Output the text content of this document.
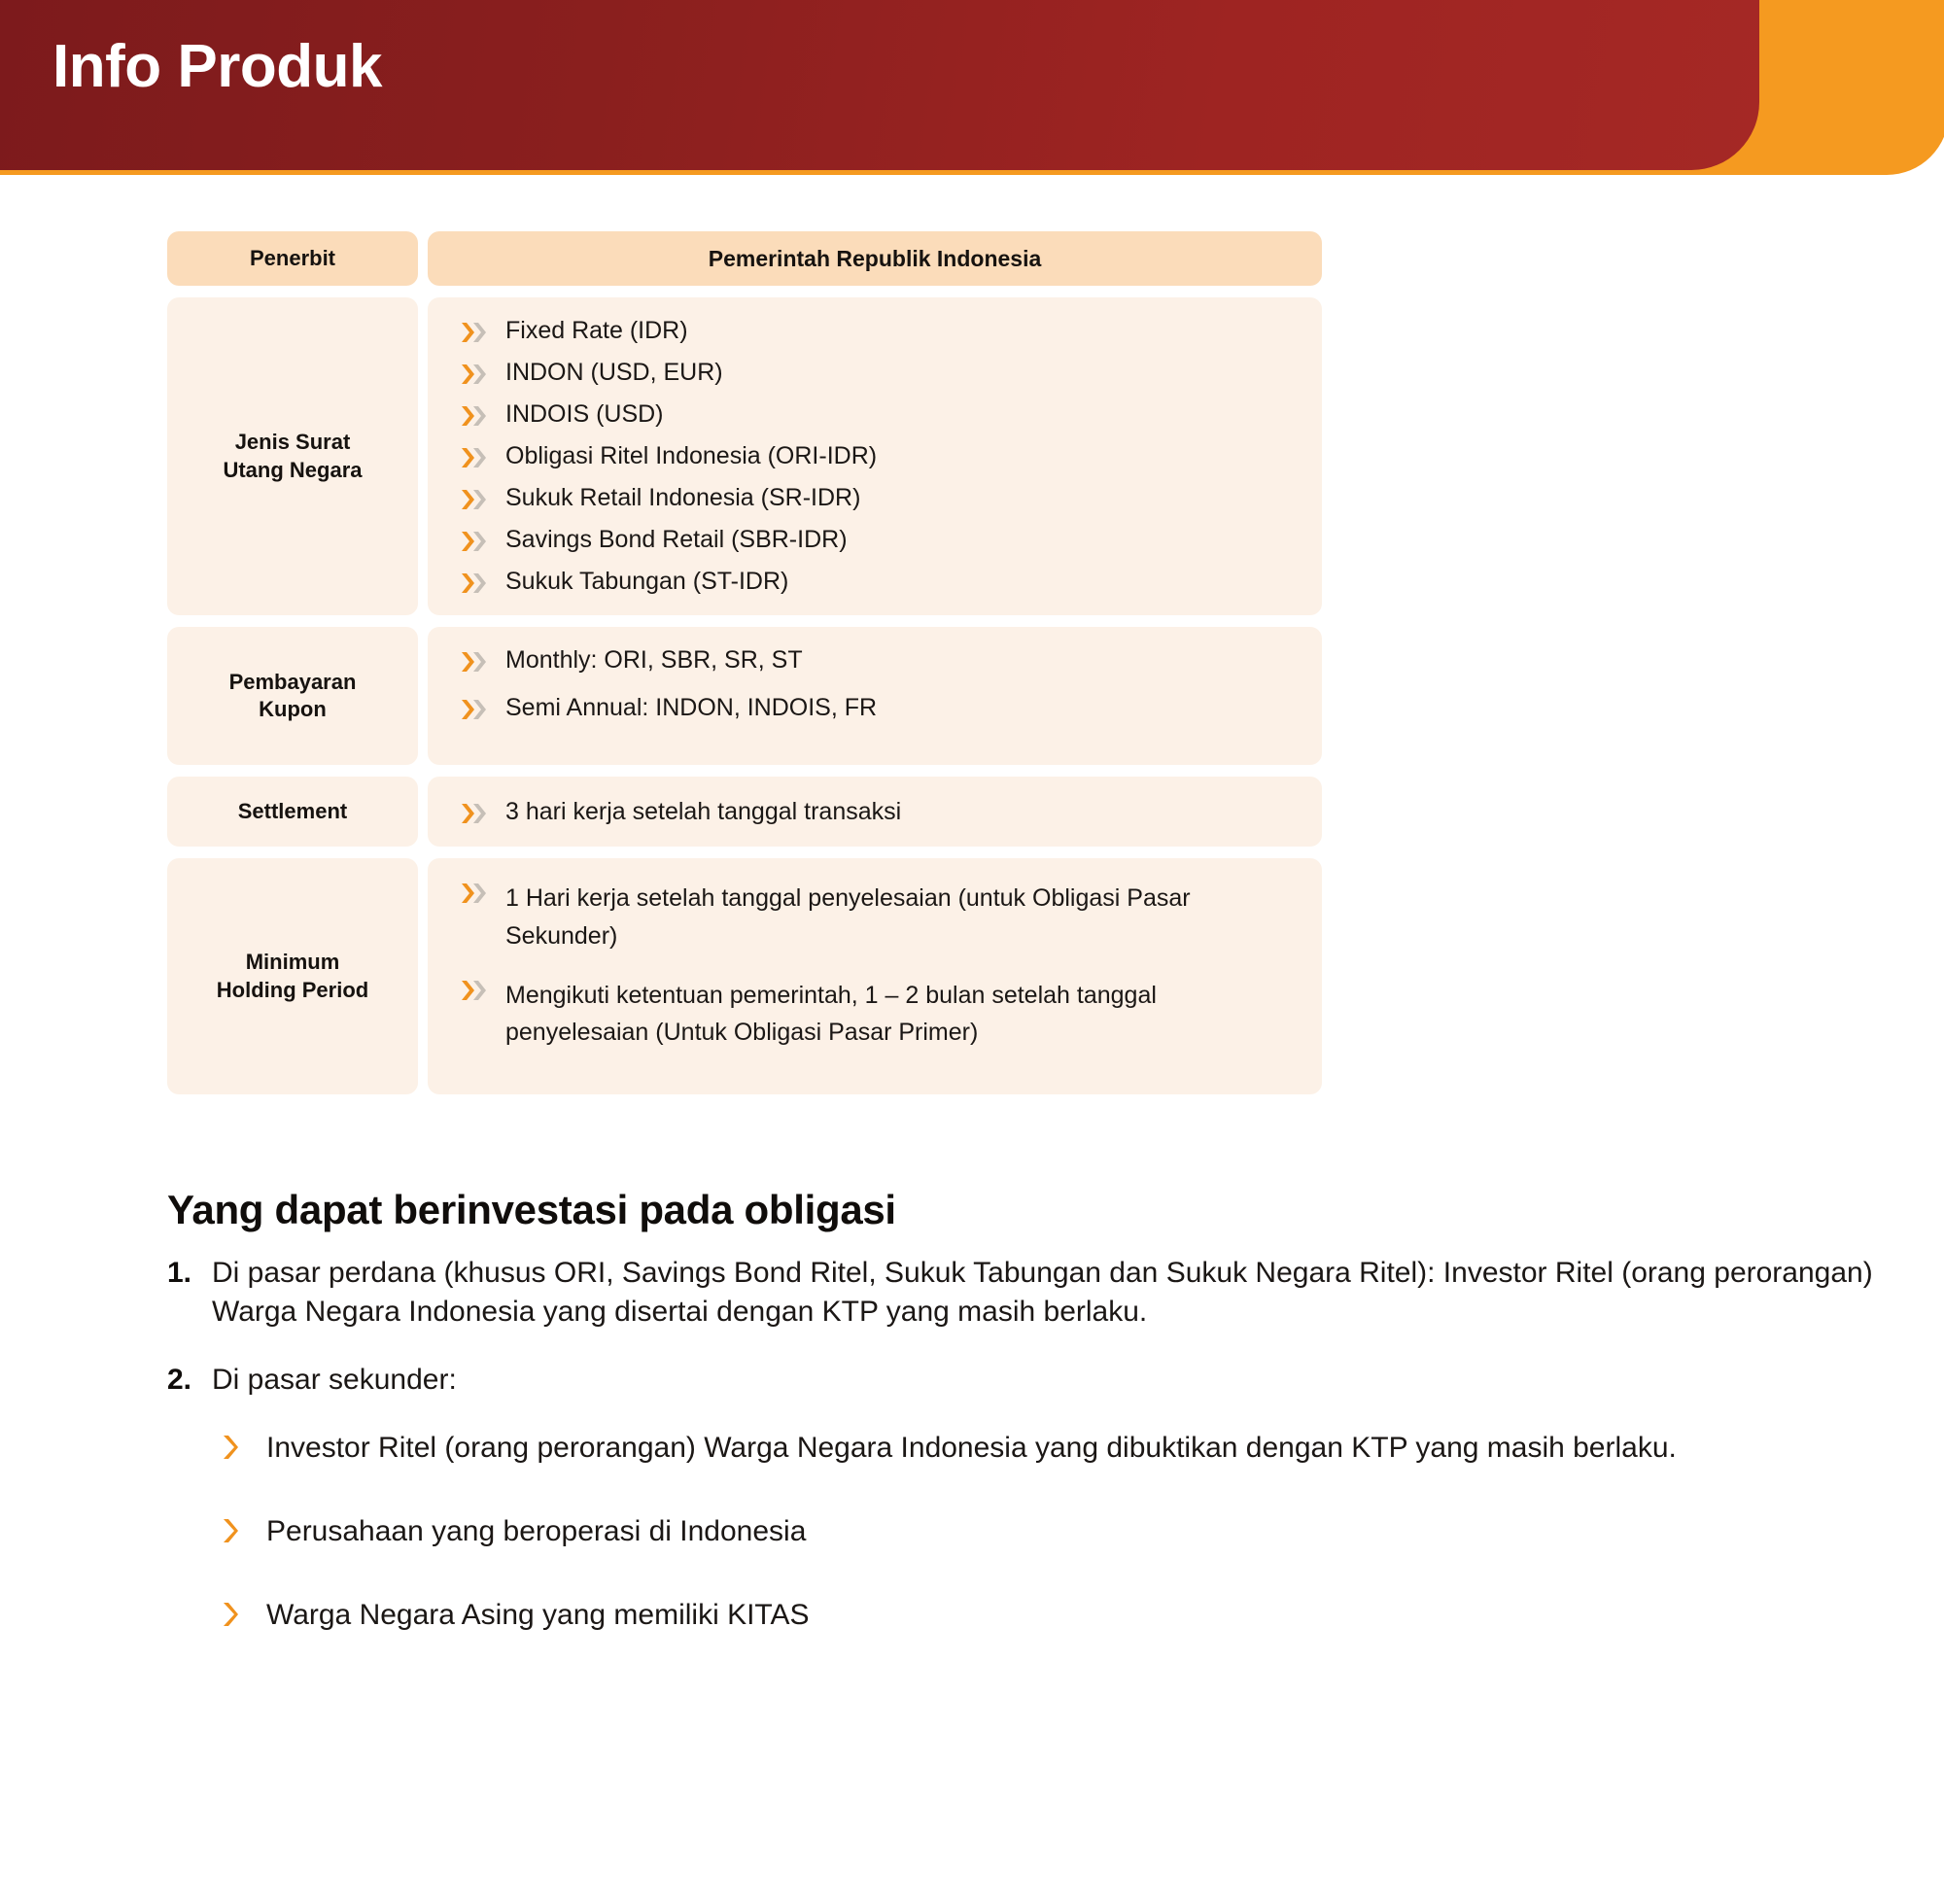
Info Produk
Penerbit	Pemerintah Republik Indonesia
Jenis Surat
Utang Negara
Fixed Rate (IDR)
INDON (USD, EUR)
INDOIS (USD)
Obligasi Ritel Indonesia (ORI-IDR)
Sukuk Retail Indonesia (SR-IDR)
Savings Bond Retail (SBR-IDR)
Sukuk Tabungan (ST-IDR)
Pembayaran
Kupon
Monthly: ORI, SBR, SR, ST
Semi Annual: INDON, INDOIS, FR
Settlement	3 hari kerja setelah tanggal transaksi
Minimum
Holding Period
1 Hari kerja setelah tanggal penyelesaian (untuk Obligasi Pasar Sekunder)
Mengikuti ketentuan pemerintah, 1 – 2 bulan setelah tanggal penyelesaian (Untuk Obligasi Pasar Primer)
Yang dapat berinvestasi pada obligasi
1. Di pasar perdana (khusus ORI, Savings Bond Ritel, Sukuk Tabungan dan Sukuk Negara Ritel): Investor Ritel (orang perorangan) Warga Negara Indonesia yang disertai dengan KTP yang masih berlaku.
2. Di pasar sekunder:
Investor Ritel (orang perorangan) Warga Negara Indonesia yang dibuktikan dengan KTP yang masih berlaku.
Perusahaan yang beroperasi di Indonesia
Warga Negara Asing yang memiliki KITAS
